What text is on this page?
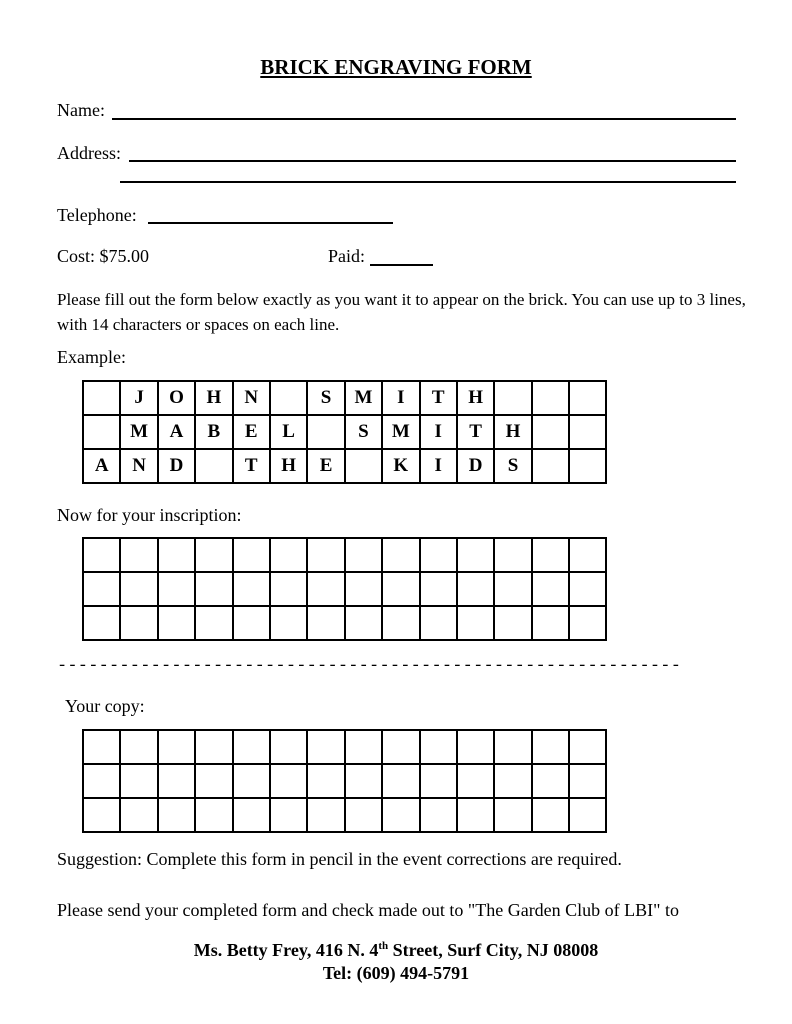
BRICK ENGRAVING FORM
Name:
Address:
Telephone:
Cost: $75.00	Paid:
Please fill out the form below exactly as you want it to appear on the brick. You can use up to 3 lines, with 14 characters or spaces on each line.
Example:
	J	O	H	N		S	M	I	T	H			
	M	A	B	E	L		S	M	I	T	H		
A	N	D		T	H	E		K	I	D	S		
Now for your inscription:

------------------------------------------------------------
Your copy:

Suggestion: Complete this form in pencil in the event corrections are required.
Please send your completed form and check made out to "The Garden Club of LBI" to
Ms. Betty Frey, 416 N. 4th Street, Surf City, NJ 08008
Tel: (609) 494-5791
